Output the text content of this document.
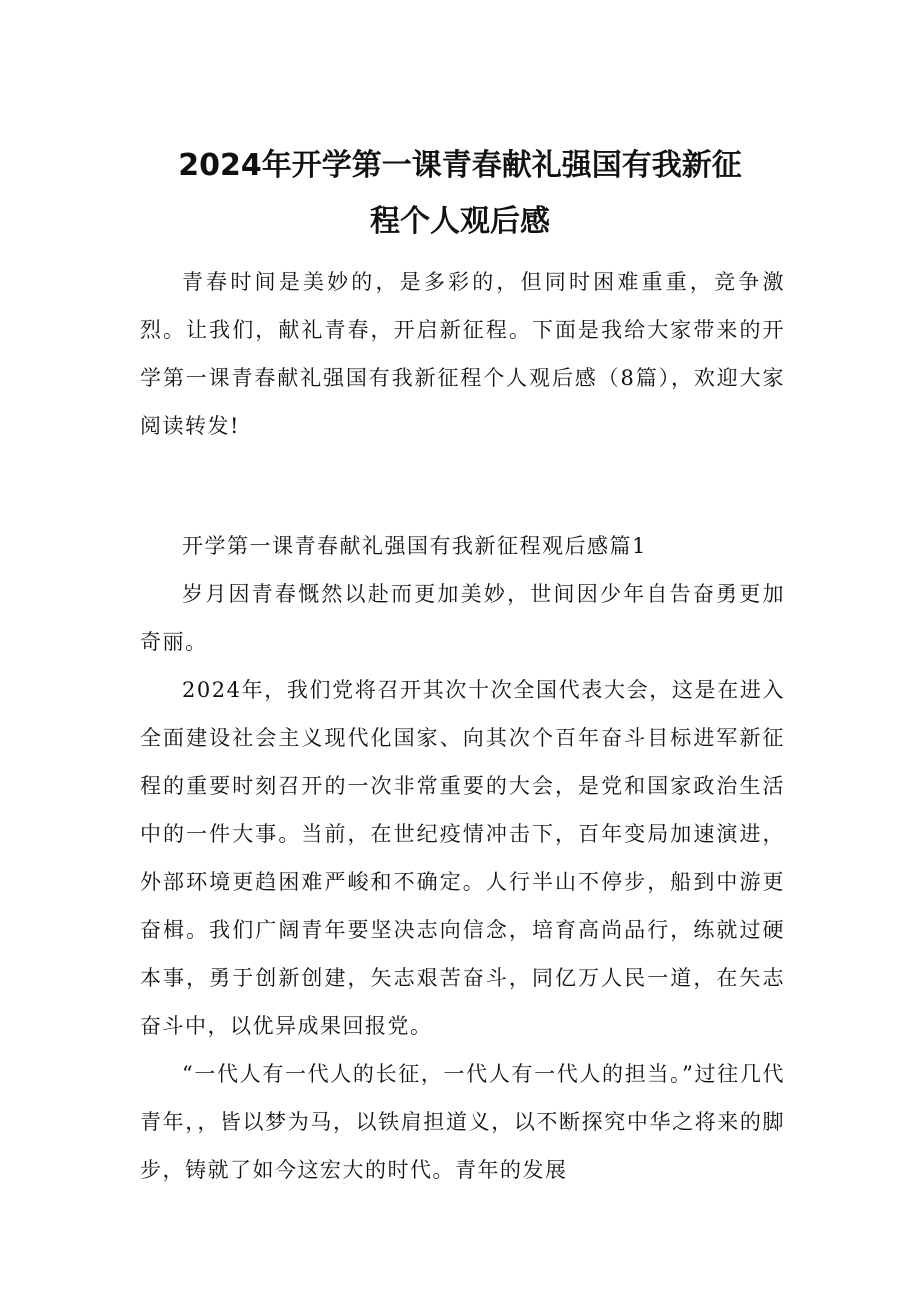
2024年开学第一课青春献礼强国有我新征
程个人观后感

青春时间是美妙的，是多彩的，但同时困难重重，竞争激烈。让我们，献礼青春，开启新征程。下面是我给大家带来的开学第一课青春献礼强国有我新征程个人观后感（8篇），欢迎大家阅读转发!

开学第一课青春献礼强国有我新征程观后感篇1

岁月因青春慨然以赴而更加美妙，世间因少年自告奋勇更加奇丽。

2024年，我们党将召开其次十次全国代表大会，这是在进入全面建设社会主义现代化国家、向其次个百年奋斗目标进军新征程的重要时刻召开的一次非常重要的大会，是党和国家政治生活中的一件大事。当前，在世纪疫情冲击下，百年变局加速演进，外部环境更趋困难严峻和不确定。人行半山不停步，船到中游更奋楫。我们广阔青年要坚决志向信念，培育高尚品行，练就过硬本事，勇于创新创建，矢志艰苦奋斗，同亿万人民一道，在矢志奋斗中，以优异成果回报党。

“一代人有一代人的长征，一代人有一代人的担当。”过往几代青年，，皆以梦为马，以铁肩担道义，以不断探究中华之将来的脚步，铸就了如今这宏大的时代。青年的发展
